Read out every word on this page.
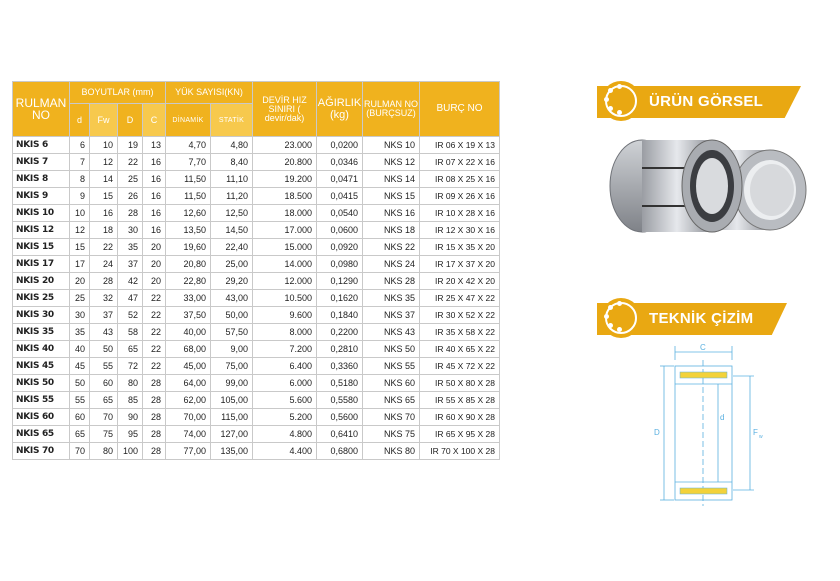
RULMAN NO	BOYUTLAR (mm)				YÜK SAYISI(KN)		DEVİR HIZ SINIRI ( devir/dak)	AĞIRLIK (kg)	RULMAN NO (BURÇSUZ)	BURÇ NO
	d	Fw	D	C	DİNAMİK	STATİK				
NKIS 6	6	10	19	13	4,70	4,80	23.000	0,0200	NKS 10	IR 06 X 19 X 13
NKIS 7	7	12	22	16	7,70	8,40	20.800	0,0346	NKS 12	IR 07 X 22 X 16
NKIS 8	8	14	25	16	11,50	11,10	19.200	0,0471	NKS 14	IR 08 X 25 X 16
NKIS 9	9	15	26	16	11,50	11,20	18.500	0,0415	NKS 15	IR 09 X 26 X 16
NKIS 10	10	16	28	16	12,60	12,50	18.000	0,0540	NKS 16	IR 10 X 28 X 16
NKIS 12	12	18	30	16	13,50	14,50	17.000	0,0600	NKS 18	IR 12 X 30 X 16
NKIS 15	15	22	35	20	19,60	22,40	15.000	0,0920	NKS 22	IR 15 X 35 X 20
NKIS 17	17	24	37	20	20,80	25,00	14.000	0,0980	NKS 24	IR 17 X 37 X 20
NKIS 20	20	28	42	20	22,80	29,20	12.000	0,1290	NKS 28	IR 20 X 42 X 20
NKIS 25	25	32	47	22	33,00	43,00	10.500	0,1620	NKS 35	IR 25 X 47 X 22
NKIS 30	30	37	52	22	37,50	50,00	9.600	0,1840	NKS 37	IR 30 X 52 X 22
NKIS 35	35	43	58	22	40,00	57,50	8.000	0,2200	NKS 43	IR 35 X 58 X 22
NKIS 40	40	50	65	22	68,00	9,00	7.200	0,2810	NKS 50	IR 40 X 65 X 22
NKIS 45	45	55	72	22	45,00	75,00	6.400	0,3360	NKS 55	IR 45 X 72 X 22
NKIS 50	50	60	80	28	64,00	99,00	6.000	0,5180	NKS 60	IR 50 X 80 X 28
NKIS 55	55	65	85	28	62,00	105,00	5.600	0,5580	NKS 65	IR 55 X 85 X 28
NKIS 60	60	70	90	28	70,00	115,00	5.200	0,5600	NKS 70	IR 60 X 90 X 28
NKIS 65	65	75	95	28	74,00	127,00	4.800	0,6410	NKS 75	IR 65 X 95 X 28
NKIS 70	70	80	100	28	77,00	135,00	4.400	0,6800	NKS 80	IR 70 X 100 X 28
ÜRÜN GÖRSEL
TEKNİK ÇİZİM
C
D
d
F w
